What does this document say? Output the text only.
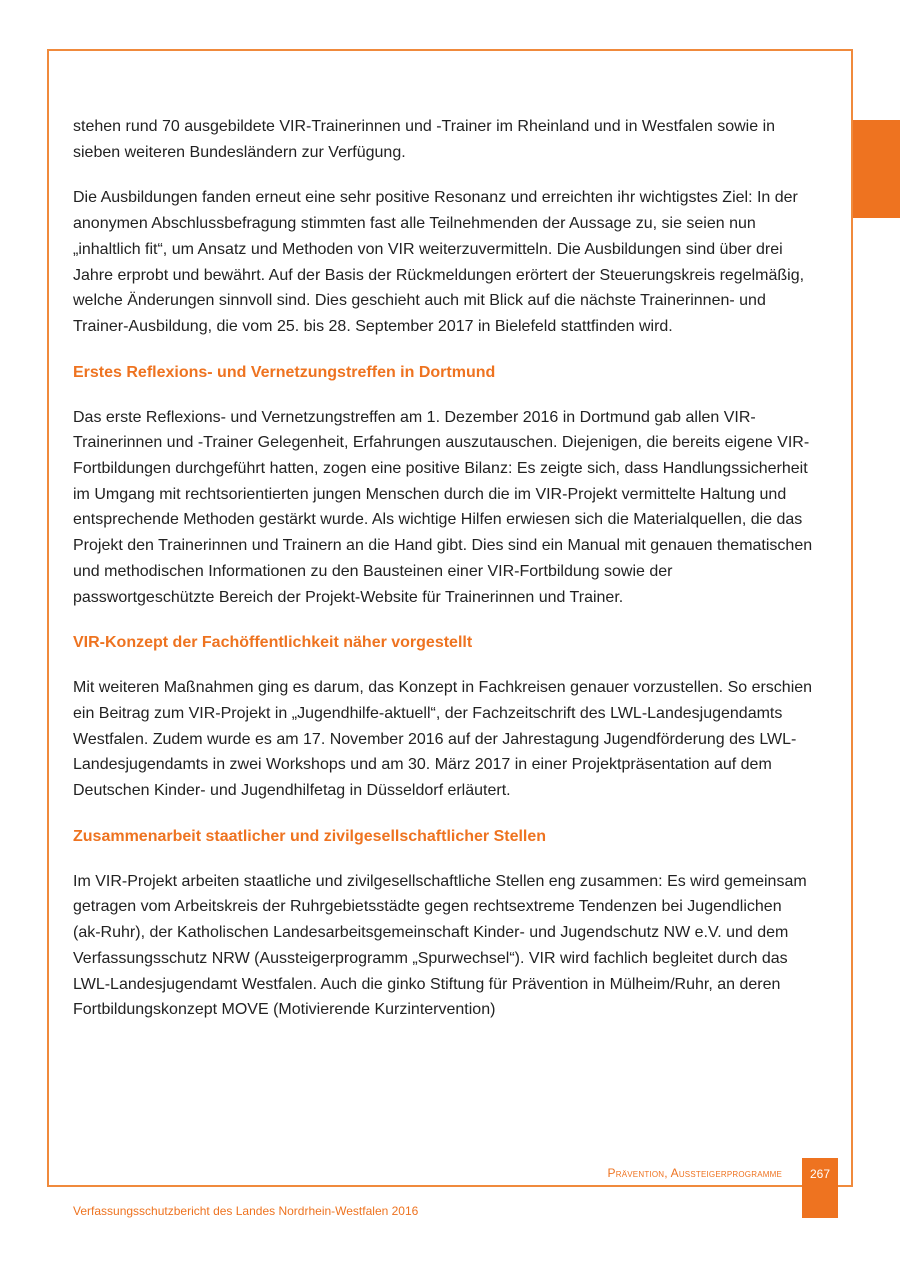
stehen rund 70 ausgebildete VIR-Trainerinnen und -Trainer im Rheinland und in Westfalen sowie in sieben weiteren Bundesländern zur Verfügung.

Die Ausbildungen fanden erneut eine sehr positive Resonanz und erreichten ihr wichtigstes Ziel: In der anonymen Abschlussbefragung stimmten fast alle Teilnehmenden der Aussage zu, sie seien nun „inhaltlich fit“, um Ansatz und Methoden von VIR weiterzuvermitteln. Die Ausbildungen sind über drei Jahre erprobt und bewährt. Auf der Basis der Rückmeldungen erörtert der Steuerungskreis regelmäßig, welche Änderungen sinnvoll sind. Dies geschieht auch mit Blick auf die nächste Trainerinnen- und Trainer-Ausbildung, die vom 25. bis 28. September 2017 in Bielefeld stattfinden wird.

Erstes Reflexions- und Vernetzungstreffen in Dortmund

Das erste Reflexions- und Vernetzungstreffen am 1. Dezember 2016 in Dortmund gab allen VIR-Trainerinnen und -Trainer Gelegenheit, Erfahrungen auszutauschen. Diejenigen, die bereits eigene VIR-Fortbildungen durchgeführt hatten, zogen eine positive Bilanz: Es zeigte sich, dass Handlungssicherheit im Umgang mit rechtsorientierten jungen Menschen durch die im VIR-Projekt vermittelte Haltung und entsprechende Methoden gestärkt wurde. Als wichtige Hilfen erwiesen sich die Materialquellen, die das Projekt den Trainerinnen und Trainern an die Hand gibt. Dies sind ein Manual mit genauen thematischen und methodischen Informationen zu den Bausteinen einer VIR-Fortbildung sowie der passwortgeschützte Bereich der Projekt-Website für Trainerinnen und Trainer.

VIR-Konzept der Fachöffentlichkeit näher vorgestellt

Mit weiteren Maßnahmen ging es darum, das Konzept in Fachkreisen genauer vorzustellen. So erschien ein Beitrag zum VIR-Projekt in „Jugendhilfe-aktuell“, der Fachzeitschrift des LWL-Landesjugendamts Westfalen. Zudem wurde es am 17. November 2016 auf der Jahrestagung Jugendförderung des LWL-Landesjugendamts in zwei Workshops und am 30. März 2017 in einer Projektpräsentation auf dem Deutschen Kinder- und Jugendhilfetag in Düsseldorf erläutert.

Zusammenarbeit staatlicher und zivilgesellschaftlicher Stellen

Im VIR-Projekt arbeiten staatliche und zivilgesellschaftliche Stellen eng zusammen: Es wird gemeinsam getragen vom Arbeitskreis der Ruhrgebietsstädte gegen rechtsextreme Tendenzen bei Jugendlichen (ak-Ruhr), der Katholischen Landesarbeitsgemeinschaft Kinder- und Jugendschutz NW e.V. und dem Verfassungsschutz NRW (Aussteigerprogramm „Spurwechsel“). VIR wird fachlich begleitet durch das LWL-Landesjugendamt Westfalen. Auch die ginko Stiftung für Prävention in Mülheim/Ruhr, an deren Fortbildungskonzept MOVE (Motivierende Kurzintervention)

Prävention, Aussteigerprogramme	267
Verfassungsschutzbericht des Landes Nordrhein-Westfalen 2016
